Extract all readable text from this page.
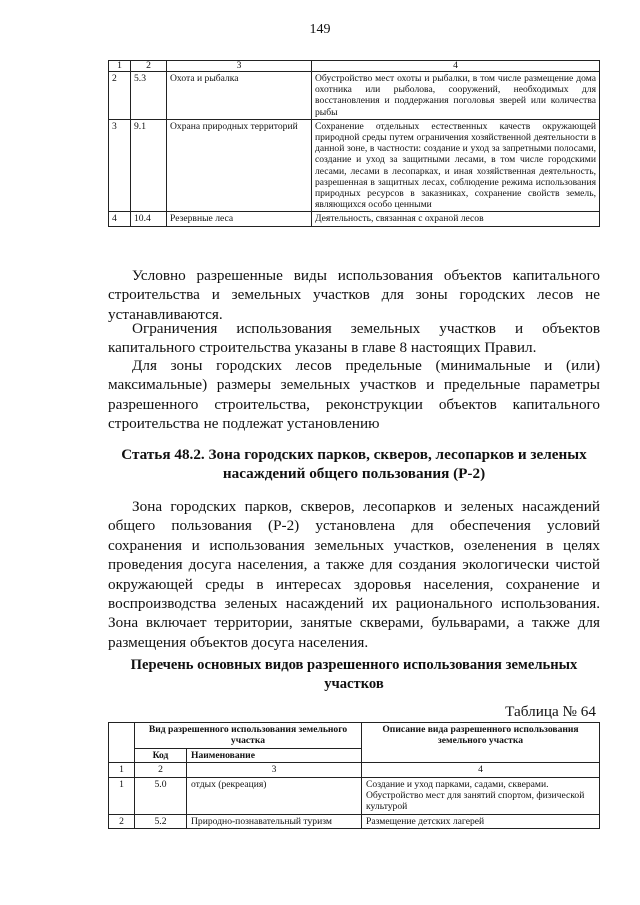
149
1	2	3	4
2	5.3	Охота и рыбалка	Обустройство мест охоты и рыбалки, в том числе размещение дома охотника или рыболова, сооружений, необходимых для восстановления и поддержания поголовья зверей или количества рыбы
3	9.1	Охрана природных территорий	Сохранение отдельных естественных качеств окружающей природной среды путем ограничения хозяйственной деятельности в данной зоне, в частности: создание и уход за запретными полосами, создание и уход за защитными лесами, в том числе городскими лесами, лесами в лесопарках, и иная хозяйственная деятельность, разрешенная в защитных лесах, соблюдение режима использования природных ресурсов в заказниках, сохранение свойств земель, являющихся особо ценными
4	10.4	Резервные леса	Деятельность, связанная с охраной лесов

Условно разрешенные виды использования объектов капитального строительства и земельных участков для зоны городских лесов не устанавливаются.

Ограничения использования земельных участков и объектов капитального строительства указаны в главе 8 настоящих Правил.

Для зоны городских лесов предельные (минимальные и (или) максимальные) размеры земельных участков и предельные параметры разрешенного строительства, реконструкции объектов капитального строительства не подлежат установлению

Статья 48.2. Зона городских парков, скверов, лесопарков и зеленых насаждений общего пользования (Р-2)

Зона городских парков, скверов, лесопарков и зеленых насаждений общего пользования (Р-2) установлена для обеспечения условий сохранения и использования земельных участков, озеленения в целях проведения досуга населения, а также для создания экологически чистой окружающей среды в интересах здоровья населения, сохранение и воспроизводства зеленых насаждений их рационального использования. Зона включает территории, занятые скверами, бульварами, а также для размещения объектов досуга населения.

Перечень основных видов разрешенного использования земельных участков

Таблица № 64
	Вид разрешенного использования земельного участка		Описание вида разрешенного использования земельного участка
	Код	Наименование	
1	2	3	4
1	5.0	отдых (рекреация)	Создание и уход парками, садами, скверами. Обустройство мест для занятий спортом, физической культурой
2	5.2	Природно-познавательный туризм	Размещение детских лагерей
